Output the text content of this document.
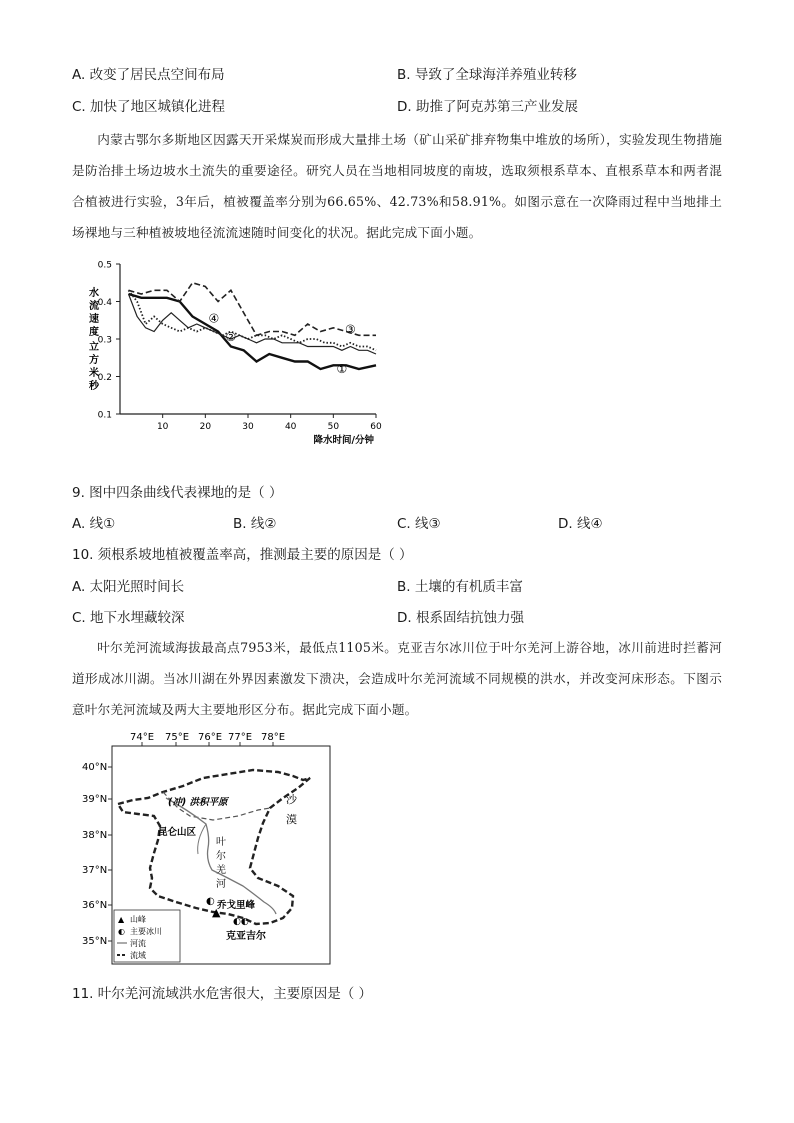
A. 改变了居民点空间布局	B. 导致了全球海洋养殖业转移
C. 加快了地区城镇化进程	D. 助推了阿克苏第三产业发展
内蒙古鄂尔多斯地区因露天开采煤炭而形成大量排土场（矿山采矿排弃物集中堆放的场所），实验发现生物措施是防治排土场边坡水土流失的重要途径。研究人员在当地相同坡度的南坡，选取须根系草本、直根系草本和两者混合植被进行实验，3年后，植被覆盖率分别为66.65%、42.73%和58.91%。如图示意在一次降雨过程中当地排土场裸地与三种植被坡地径流流速随时间变化的状况。据此完成下面小题。
0.1
0.2
0.3
0.4
0.5
10	20	30	40	50	60
降水时间/分钟
水
流
速
度
立
方
米
秒
①
②
③
④
9. 图中四条曲线代表裸地的是（ ）
A. 线①	B. 线②	C. 线③	D. 线④
10. 须根系坡地植被覆盖率高，推测最主要的原因是（ ）
A. 太阳光照时间长	B. 土壤的有机质丰富
C. 地下水埋藏较深	D. 根系固结抗蚀力强
叶尔羌河流域海拔最高点7953米，最低点1105米。克亚吉尔冰川位于叶尔羌河上游谷地，冰川前进时拦蓄河道形成冰川湖。当冰川湖在外界因素激发下溃决，会造成叶尔羌河流域不同规模的洪水，并改变河床形态。下图示意叶尔羌河流域及两大主要地形区分布。据此完成下面小题。
74°E 75°E 76°E 77°E 78°E
40°N
39°N
38°N
37°N
36°N
35°N
(冲) 洪积平原
昆仑山区
沙
漠
叶
尔
羌
河
▲
◐ 乔戈里峰
◐◐
克亚吉尔
▲ 山峰
◐ 主要冰川
河流
流域
11. 叶尔羌河流域洪水危害很大，主要原因是（ ）
